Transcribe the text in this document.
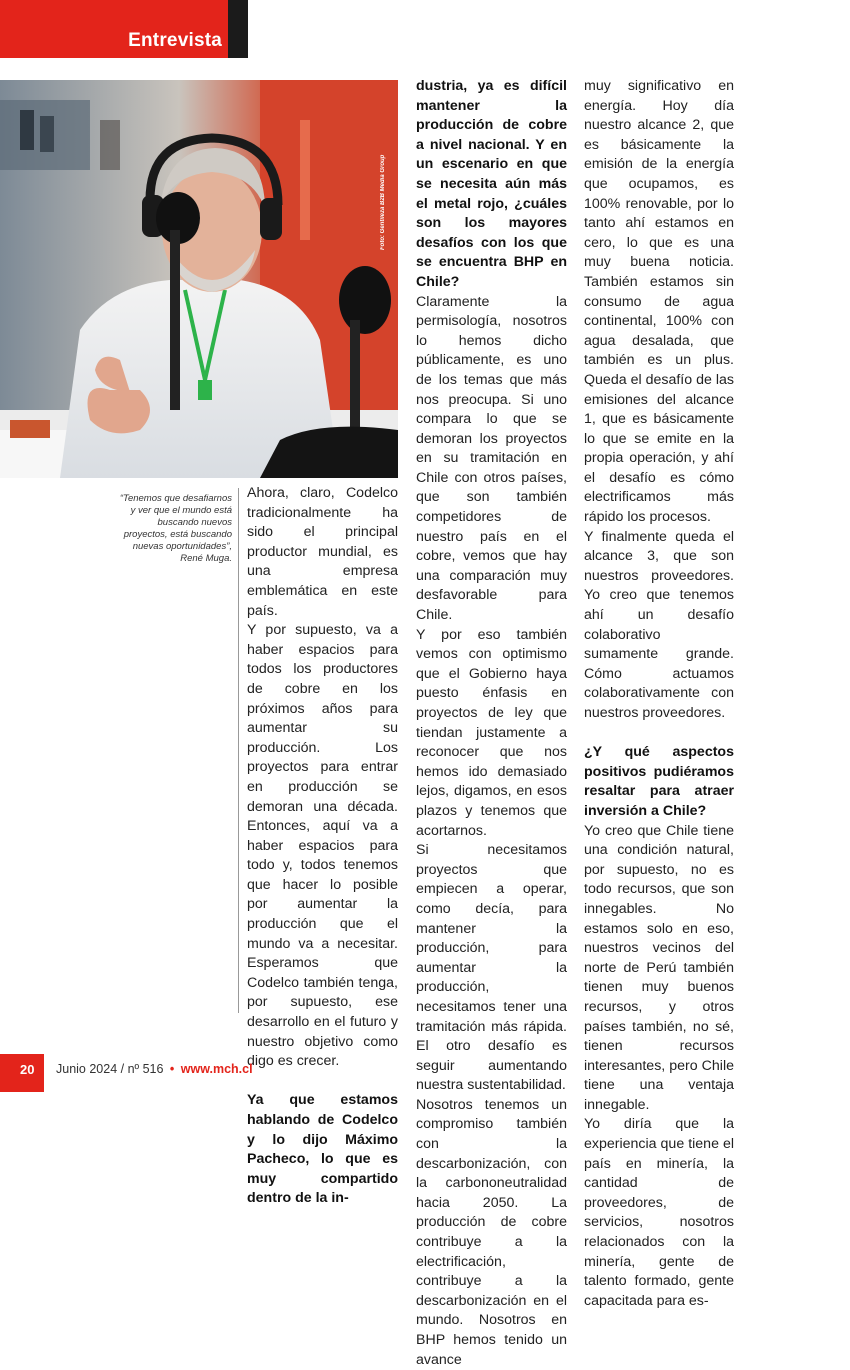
Entrevista
Foto: Gentileza B2B Media Group
“Tenemos que desafiarnos y ver que el mundo está buscando nuevos proyectos, está buscando nuevas oportunidades”, René Muga.

Ahora, claro, Codelco tradicionalmente ha sido el principal productor mundial, es una empresa emblemática en este país.

Y por supuesto, va a haber espacios para todos los productores de cobre en los próximos años para aumentar su producción. Los proyectos para entrar en producción se demoran una década. Entonces, aquí va a haber espacios para todo y, todos tenemos que hacer lo posible por aumentar la producción que el mundo va a necesitar. Esperamos que Codelco también tenga, por supuesto, ese desarrollo en el futuro y nuestro objetivo como digo es crecer.

Ya que estamos hablando de Codelco y lo dijo Máximo Pacheco, lo que es muy compartido dentro de la in-

dustria, ya es difícil mantener la producción de cobre a nivel nacional. Y en un escenario en que se necesita aún más el metal rojo, ¿cuáles son los mayores desafíos con los que se encuentra BHP en Chile?

Claramente la permisología, nosotros lo hemos dicho públicamente, es uno de los temas que más nos preocupa. Si uno compara lo que se demoran los proyectos en su tramitación en Chile con otros países, que son también competidores de nuestro país en el cobre, vemos que hay una comparación muy desfavorable para Chile.

Y por eso también vemos con optimismo que el Gobierno haya puesto énfasis en proyectos de ley que tiendan justamente a reconocer que nos hemos ido demasiado lejos, digamos, en esos plazos y tenemos que acortarnos.

Si necesitamos proyectos que empiecen a operar, como decía, para mantener la producción, para aumentar la producción, necesitamos tener una tramitación más rápida. El otro desafío es seguir aumentando nuestra sustentabilidad.

Nosotros tenemos un compromiso también con la descarbonización, con la carbononeutralidad hacia 2050. La producción de cobre contribuye a la electrificación, contribuye a la descarbonización en el mundo. Nosotros en BHP hemos tenido un avance

muy significativo en energía. Hoy día nuestro alcance 2, que es básicamente la emisión de la energía que ocupamos, es 100% renovable, por lo tanto ahí estamos en cero, lo que es una muy buena noticia. También estamos sin consumo de agua continental, 100% con agua desalada, que también es un plus. Queda el desafío de las emisiones del alcance 1, que es básicamente lo que se emite en la propia operación, y ahí el desafío es cómo electrificamos más rápido los procesos.

Y finalmente queda el alcance 3, que son nuestros proveedores. Yo creo que tenemos ahí un desafío colaborativo sumamente grande. Cómo actuamos colaborativamente con nuestros proveedores.

¿Y qué aspectos positivos pudiéramos resaltar para atraer inversión a Chile?

Yo creo que Chile tiene una condición natural, por supuesto, no es todo recursos, que son innegables. No estamos solo en eso, nuestros vecinos del norte de Perú también tienen muy buenos recursos, y otros países también, no sé, tienen recursos interesantes, pero Chile tiene una ventaja innegable.

Yo diría que la experiencia que tiene el país en minería, la cantidad de proveedores, de servicios, nosotros relacionados con la minería, gente de talento formado, gente capacitada para es-

20 Junio 2024 / nº 516 • www.mch.cl
